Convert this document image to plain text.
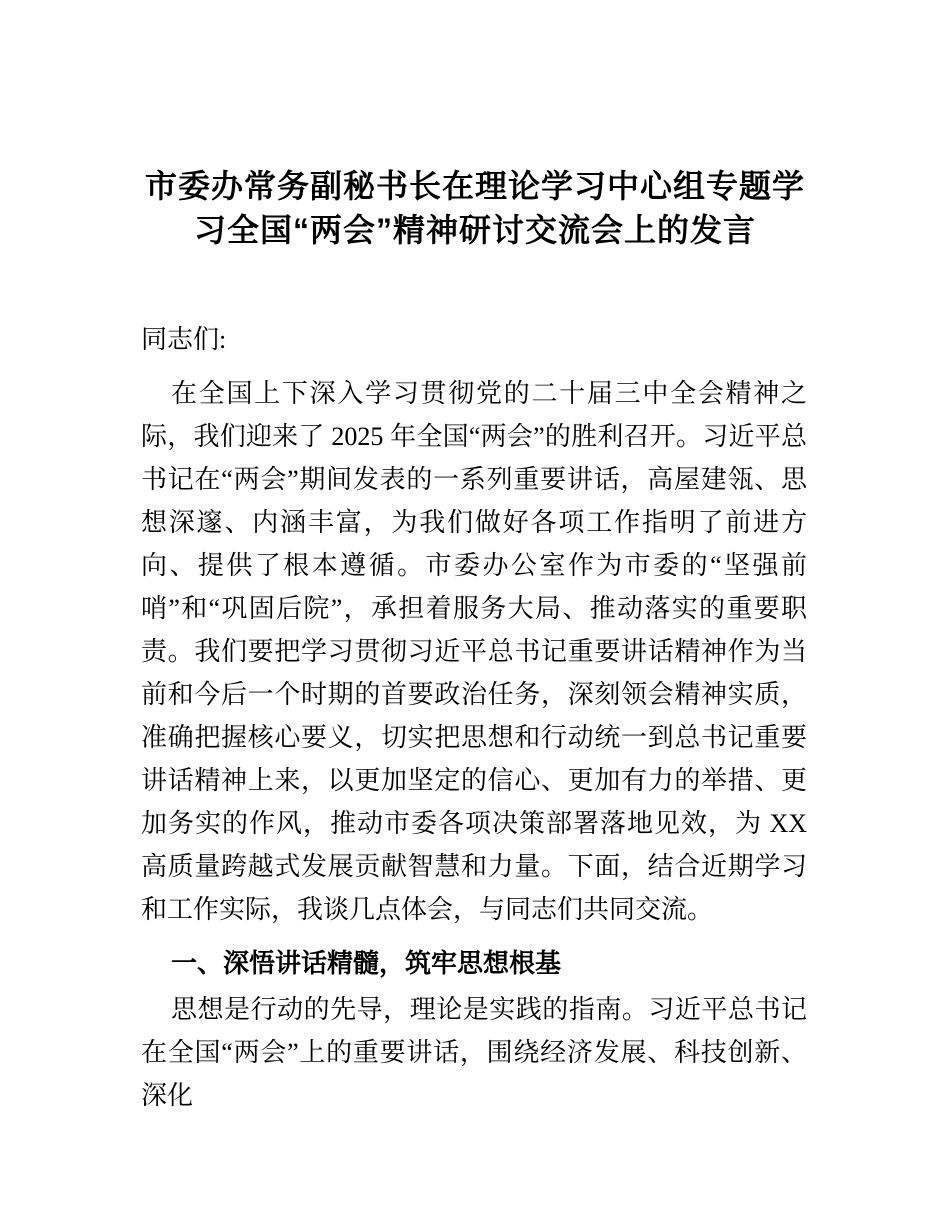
市委办常务副秘书长在理论学习中心组专题学
习全国“两会”精神研讨交流会上的发言

同志们:

在全国上下深入学习贯彻党的二十届三中全会精神之际，我们迎来了 2025 年全国“两会”的胜利召开。习近平总书记在“两会”期间发表的一系列重要讲话，高屋建瓴、思想深邃、内涵丰富，为我们做好各项工作指明了前进方向、提供了根本遵循。市委办公室作为市委的“坚强前哨”和“巩固后院”，承担着服务大局、推动落实的重要职责。我们要把学习贯彻习近平总书记重要讲话精神作为当前和今后一个时期的首要政治任务，深刻领会精神实质，准确把握核心要义，切实把思想和行动统一到总书记重要讲话精神上来，以更加坚定的信心、更加有力的举措、更加务实的作风，推动市委各项决策部署落地见效，为 XX 高质量跨越式发展贡献智慧和力量。下面，结合近期学习和工作实际，我谈几点体会，与同志们共同交流。

一、深悟讲话精髓，筑牢思想根基

思想是行动的先导，理论是实践的指南。习近平总书记在全国“两会”上的重要讲话，围绕经济发展、科技创新、深化
